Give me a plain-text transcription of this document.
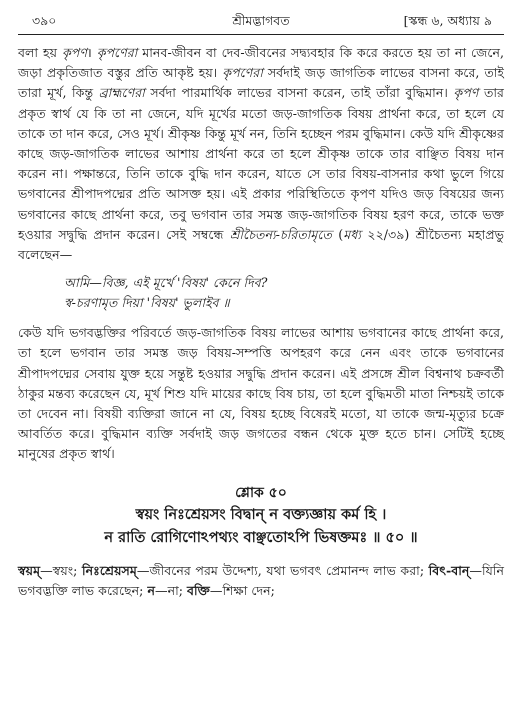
৩৯০	শ্রীমদ্ভাগবত	[স্কন্ধ ৬, অধ্যায় ৯

বলা হয় কৃপণ। কৃপণেরা মানব-জীবন বা দেব-জীবনের সদ্ব্যবহার কি করে করতে হয় তা না জেনে, জড়া প্রকৃতিজাত বস্তুর প্রতি আকৃষ্ট হয়। কৃপণেরা সর্বদাই জড় জাগতিক লাভের বাসনা করে, তাই তারা মূর্খ, কিন্তু ব্রাহ্মণেরা সর্বদা পারমার্থিক লাভের বাসনা করেন, তাই তাঁরা বুদ্ধিমান। কৃপণ তার প্রকৃত স্বার্থ যে কি তা না জেনে, যদি মূর্খের মতো জড়-জাগতিক বিষয় প্রার্থনা করে, তা হলে যে তাকে তা দান করে, সেও মূর্খ। শ্রীকৃষ্ণ কিন্তু মূর্খ নন, তিনি হচ্ছেন পরম বুদ্ধিমান। কেউ যদি শ্রীকৃষ্ণের কাছে জড়-জাগতিক লাভের আশায় প্রার্থনা করে তা হলে শ্রীকৃষ্ণ তাকে তার বাঞ্ছিত বিষয় দান করেন না। পক্ষান্তরে, তিনি তাকে বুদ্ধি দান করেন, যাতে সে তার বিষয়-বাসনার কথা ভুলে গিয়ে ভগবানের শ্রীপাদপদ্মের প্রতি আসক্ত হয়। এই প্রকার পরিস্থিতিতে কৃপণ যদিও জড় বিষয়ের জন্য ভগবানের কাছে প্রার্থনা করে, তবু ভগবান তার সমস্ত জড়-জাগতিক বিষয় হরণ করে, তাকে ভক্ত হওয়ার সদ্বুদ্ধি প্রদান করেন। সেই সম্বন্ধে শ্রীচৈতন্য-চরিতামৃতে (মধ্য ২২/৩৯) শ্রীচৈতন্য মহাপ্রভু বলেছেন—

আমি—বিজ্ঞ, এই মূর্খে 'বিষয়' কেনে দিব?
স্ব-চরণামৃত দিয়া 'বিষয়' ভুলাইব ॥

কেউ যদি ভগবদ্ভক্তির পরিবর্তে জড়-জাগতিক বিষয় লাভের আশায় ভগবানের কাছে প্রার্থনা করে, তা হলে ভগবান তার সমস্ত জড় বিষয়-সম্পত্তি অপহরণ করে নেন এবং তাকে ভগবানের শ্রীপাদপদ্মের সেবায় যুক্ত হয়ে সন্তুষ্ট হওয়ার সদ্বুদ্ধি প্রদান করেন। এই প্রসঙ্গে শ্রীল বিশ্বনাথ চক্রবর্তী ঠাকুর মন্তব্য করেছেন যে, মূর্খ শিশু যদি মায়ের কাছে বিষ চায়, তা হলে বুদ্ধিমতী মাতা নিশ্চয়ই তাকে তা দেবেন না। বিষয়ী ব্যক্তিরা জানে না যে, বিষয় হচ্ছে বিষেরই মতো, যা তাকে জন্ম-মৃত্যুর চক্রে আবর্তিত করে। বুদ্ধিমান ব্যক্তি সর্বদাই জড় জগতের বন্ধন থেকে মুক্ত হতে চান। সেটিই হচ্ছে মানুষের প্রকৃত স্বার্থ।

শ্লোক ৫০
স্বয়ং নিঃশ্রেয়সং বিদ্বান্ ন বক্ত্যজ্ঞায় কর্ম হি ।
ন রাতি রোগিণোঽপথ্যং বাঞ্ছতোঽপি ভিষক্তমঃ ॥ ৫০ ॥

স্বয়ম্—স্বয়ং; নিঃশ্রেয়সম্—জীবনের পরম উদ্দেশ্য, যথা ভগবৎ প্রেমানন্দ লাভ করা; বিৎ-বান্—যিনি ভগবদ্ভক্তি লাভ করেছেন; ন—না; বক্তি—শিক্ষা দেন;
